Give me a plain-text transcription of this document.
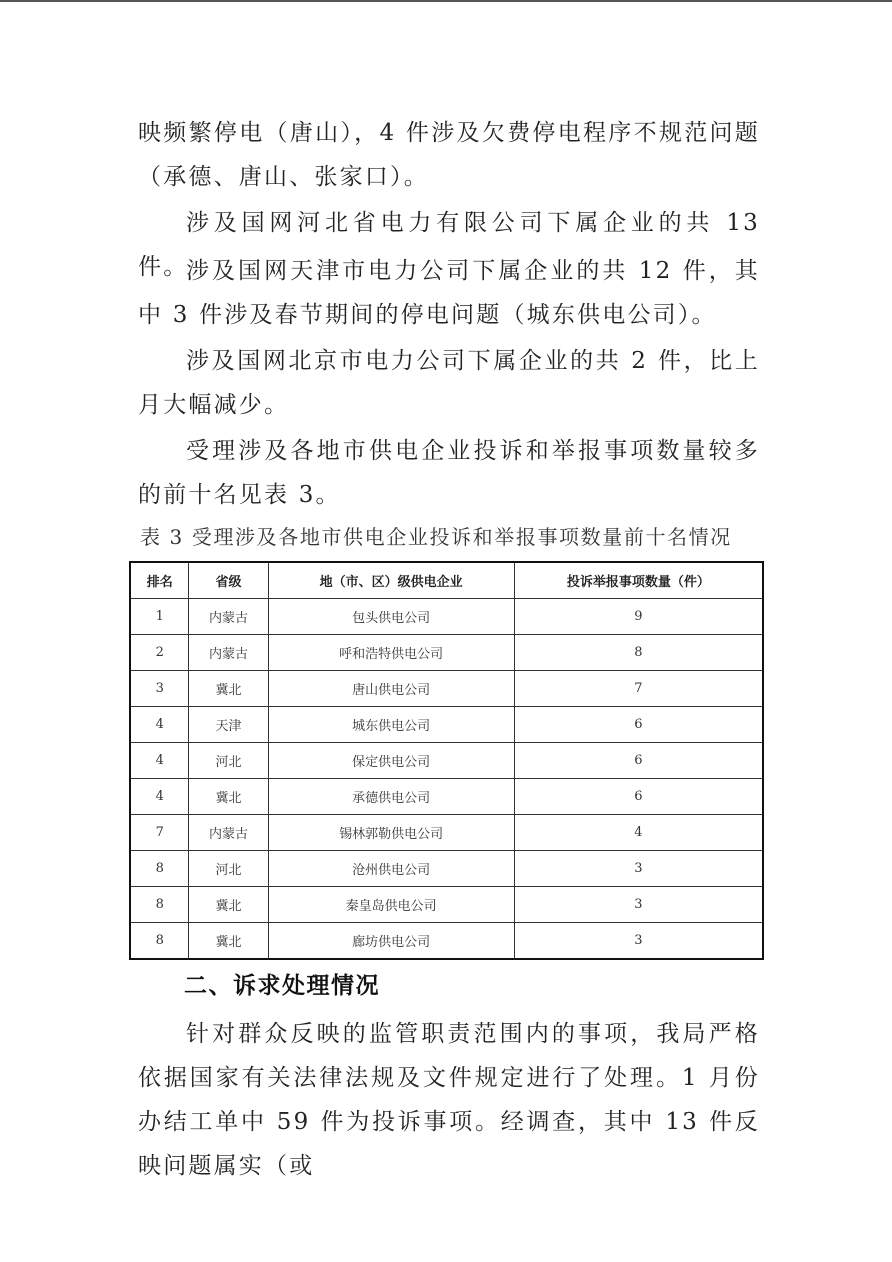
映频繁停电（唐山），4 件涉及欠费停电程序不规范问题（承德、唐山、张家口）。

涉及国网河北省电力有限公司下属企业的共 13 件。

涉及国网天津市电力公司下属企业的共 12 件，其中 3 件涉及春节期间的停电问题（城东供电公司）。

涉及国网北京市电力公司下属企业的共 2 件，比上月大幅减少。

受理涉及各地市供电企业投诉和举报事项数量较多的前十名见表 3。

表 3 受理涉及各地市供电企业投诉和举报事项数量前十名情况
排名	省级	地（市、区）级供电企业	投诉举报事项数量（件）
1	内蒙古	包头供电公司	9
2	内蒙古	呼和浩特供电公司	8
3	冀北	唐山供电公司	7
4	天津	城东供电公司	6
4	河北	保定供电公司	6
4	冀北	承德供电公司	6
7	内蒙古	锡林郭勒供电公司	4
8	河北	沧州供电公司	3
8	冀北	秦皇岛供电公司	3
8	冀北	廊坊供电公司	3
二、诉求处理情况

针对群众反映的监管职责范围内的事项，我局严格依据国家有关法律法规及文件规定进行了处理。1 月份办结工单中 59 件为投诉事项。经调查，其中 13 件反映问题属实（或
